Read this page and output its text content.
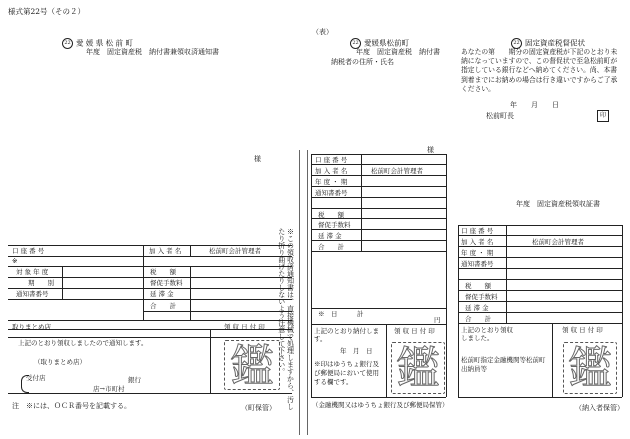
様式第22号（その２）
（表）
22 愛 媛 県 松 前 町
年度　固定資産税　納付書兼領収済通知書
様
22 愛媛県松前町
年度　固定資産税　納付書
納税者の住所・氏名
様
22 固定資産税督促状
あなたの第　　期分の固定資産税が下記のとおり未納になっていますので、この督促状で至急松前町が指定している銀行などへ納めてください。尚、本書到着までにお納めの場合は行き違いですからご了承ください。
年　　月　　日
松前町長	印
年度　固定資産税領収証書
口 座 番 号	加 入 者 名	松前町会計管理者
※
対 象 年 度	税　　額
期　　別	督促手数料
通知書番号	延 滞 金
合　　計
取りまとめ店	領 収 日 付 印
上記のとおり領収しましたので通知します。
（取りまとめ店）
受付店	銀行
店→市町村 鑑
注　※には、ＯＣＲ番号を記載する。	（町保管）	※この領収済通知書は、直接機械で処理しますから、汚したり折り曲げたりしないよう注意して下さい。
口 座 番 号
加 入 者 名	松前町会計管理者
年 度 ・ 期
通知書番号
税　　額
督促手数料
延 滞 金
合　　計
※　日　　　計
円
上記のとおり納付します。
年　月　日
領 収 日 付 印
※印はゆうちょ銀行及び郵便局において使用する欄です。 鑑
（金融機関又はゆうちょ銀行及び郵便局保管）
口 座 番 号
加 入 者 名	松前町会計管理者
年 度 ・ 期
通知書番号
税　　額
督促手数料
延 滞 金
合　　計
上記のとおり領収しました。
領 収 日 付 印
松前町指定金融機関等松前町出納員等	鑑
（納入者保管）
